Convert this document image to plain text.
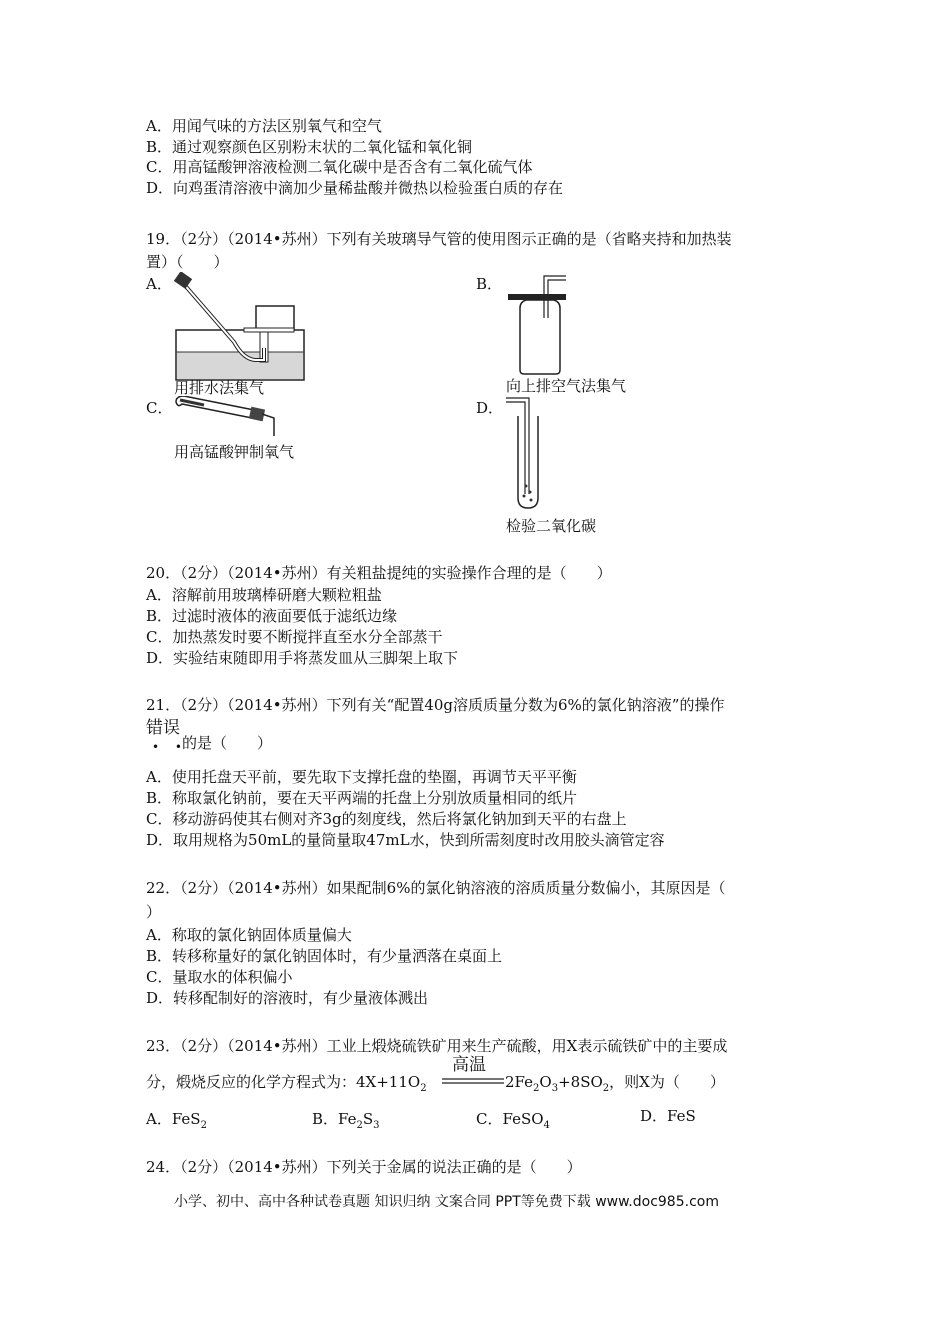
A．用闻气味的方法区别氧气和空气
B．通过观察颜色区别粉末状的二氧化锰和氧化铜
C．用高锰酸钾溶液检测二氧化碳中是否含有二氧化硫气体
D．向鸡蛋清溶液中滴加少量稀盐酸并微热以检验蛋白质的存在
19．（2分）（2014•苏州）下列有关玻璃导气管的使用图示正确的是（省略夹持和加热装
置）（　　）
A．	B．
C．	D．
用排水法集气	向上排空气法集气
用高锰酸钾制氧气
检验二氧化碳
20．（2分）（2014•苏州）有关粗盐提纯的实验操作合理的是（　　）
A．溶解前用玻璃棒研磨大颗粒粗盐
B．过滤时液体的液面要低于滤纸边缘
C．加热蒸发时要不断搅拌直至水分全部蒸干
D．实验结束随即用手将蒸发皿从三脚架上取下
21．（2分）（2014•苏州）下列有关“配置40g溶质质量分数为6%的氯化钠溶液”的操作
错误
• •
的是（　　）
A．使用托盘天平前，要先取下支撑托盘的垫圈，再调节天平平衡
B．称取氯化钠前，要在天平两端的托盘上分别放质量相同的纸片
C．移动游码使其右侧对齐3g的刻度线，然后将氯化钠加到天平的右盘上
D．取用规格为50mL的量筒量取47mL水，快到所需刻度时改用胶头滴管定容
22．（2分）（2014•苏州）如果配制6%的氯化钠溶液的溶质质量分数偏小，其原因是（
）
A．称取的氯化钠固体质量偏大
B．转移称量好的氯化钠固体时，有少量洒落在桌面上
C．量取水的体积偏小
D．转移配制好的溶液时，有少量液体溅出
23．（2分）（2014•苏州）工业上煅烧硫铁矿用来生产硫酸，用X表示硫铁矿中的主要成
高温
分，煅烧反应的化学方程式为：$4X+11O_2$	$2Fe_2O_3+8SO_2$，则X为（　　）
A．FeS$_2$	B．$Fe_2S_3$	C．FeSO$_4$
D．FeS
24．（2分）（2014•苏州）下列关于金属的说法正确的是（　　）
小学、初中、高中各种试卷真题 知识归纳 文案合同 PPT等免费下载 www.doc985.com
